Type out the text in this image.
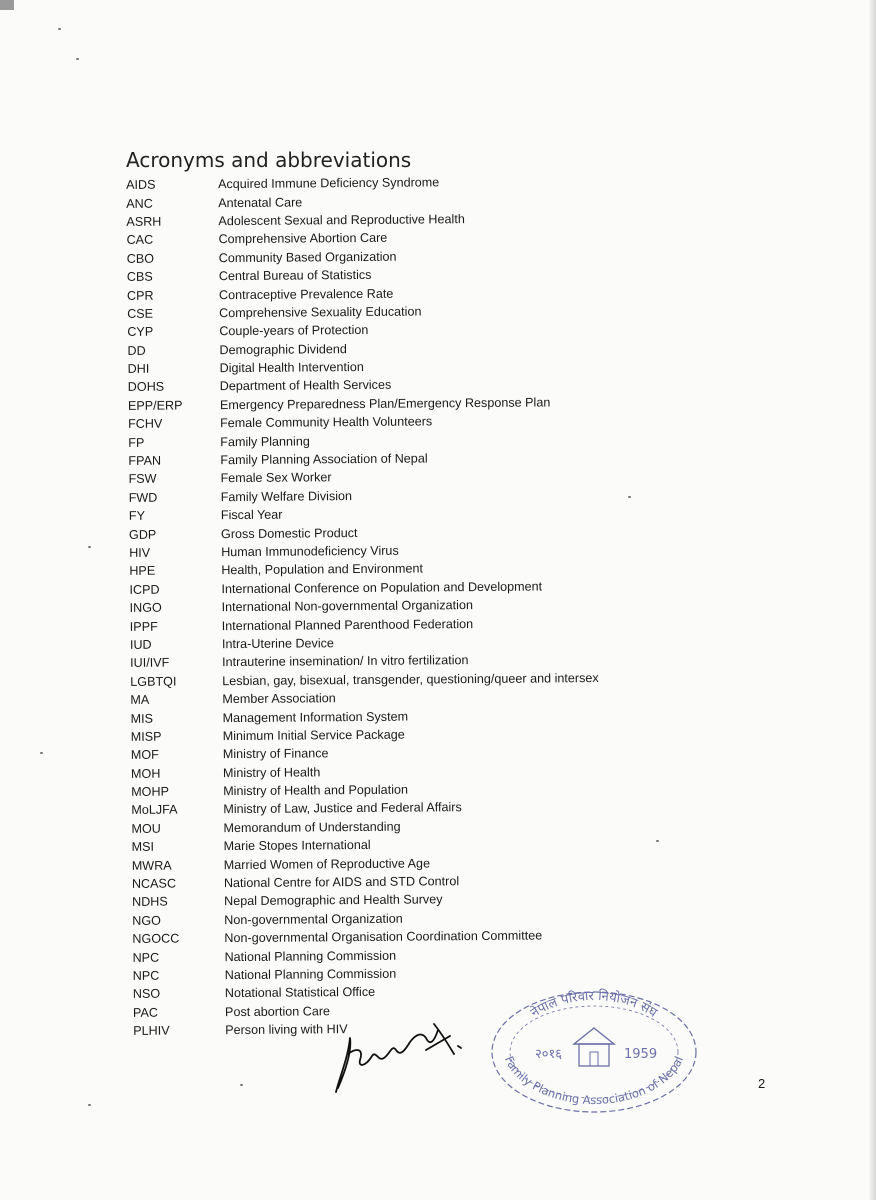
Acronyms and abbreviations
AIDS	Acquired Immune Deficiency Syndrome
ANC	Antenatal Care
ASRH	Adolescent Sexual and Reproductive Health
CAC	Comprehensive Abortion Care
CBO	Community Based Organization
CBS	Central Bureau of Statistics
CPR	Contraceptive Prevalence Rate
CSE	Comprehensive Sexuality Education
CYP	Couple-years of Protection
DD	Demographic Dividend
DHI	Digital Health Intervention
DOHS	Department of Health Services
EPP/ERP	Emergency Preparedness Plan/Emergency Response Plan
FCHV	Female Community Health Volunteers
FP	Family Planning
FPAN	Family Planning Association of Nepal
FSW	Female Sex Worker
FWD	Family Welfare Division
FY	Fiscal Year
GDP	Gross Domestic Product
HIV	Human Immunodeficiency Virus
HPE	Health, Population and Environment
ICPD	International Conference on Population and Development
INGO	International Non-governmental Organization
IPPF	International Planned Parenthood Federation
IUD	Intra-Uterine Device
IUI/IVF	Intrauterine insemination/ In vitro fertilization
LGBTQI	Lesbian, gay, bisexual, transgender, questioning/queer and intersex
MA	Member Association
MIS	Management Information System
MISP	Minimum Initial Service Package
MOF	Ministry of Finance
MOH	Ministry of Health
MOHP	Ministry of Health and Population
MoLJFA	Ministry of Law, Justice and Federal Affairs
MOU	Memorandum of Understanding
MSI	Marie Stopes International
MWRA	Married Women of Reproductive Age
NCASC	National Centre for AIDS and STD Control
NDHS	Nepal Demographic and Health Survey
NGO	Non-governmental Organization
NGOCC	Non-governmental Organisation Coordination Committee
NPC	National Planning Commission
NPC	National Planning Commission
NSO	Notational Statistical Office
PAC	Post abortion Care
PLHIV	Person living with HIV
नेपाल परिवार नियोजन संघ
Family Planning Association of Nepal
२०१६	1959
2
